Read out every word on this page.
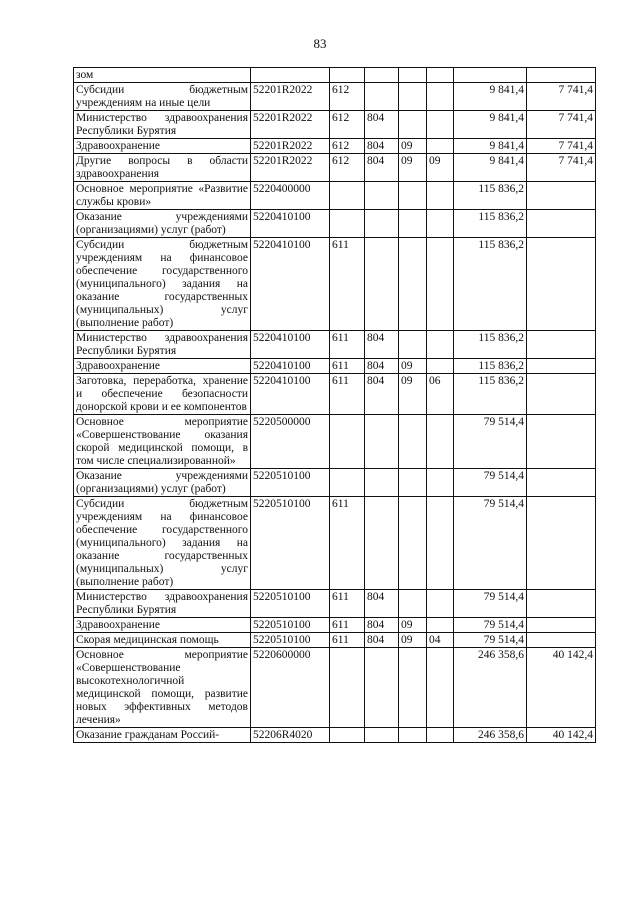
83
зом							
Субсидии бюджетным учреждениям на иные цели	52201R2022	612				9 841,4	7 741,4
Министерство здравоохранения Республики Бурятия	52201R2022	612	804			9 841,4	7 741,4
Здравоохранение	52201R2022	612	804	09		9 841,4	7 741,4
Другие вопросы в области здравоохранения	52201R2022	612	804	09	09	9 841,4	7 741,4
Основное мероприятие «Развитие службы крови»	5220400000					115 836,2	
Оказание учреждениями (организациями) услуг (работ)	5220410100					115 836,2	
Субсидии бюджетным учреждениям на финансовое обеспечение государственного (муниципального) задания на оказание государственных (муниципальных) услуг (выполнение работ)	5220410100	611				115 836,2	
Министерство здравоохранения Республики Бурятия	5220410100	611	804			115 836,2	
Здравоохранение	5220410100	611	804	09		115 836,2	
Заготовка, переработка, хранение и обеспечение безопасности донорской крови и ее компонентов	5220410100	611	804	09	06	115 836,2	
Основное мероприятие «Совершенствование оказания скорой медицинской помощи, в том числе специализированной»	5220500000					79 514,4	
Оказание учреждениями (организациями) услуг (работ)	5220510100					79 514,4	
Субсидии бюджетным учреждениям на финансовое обеспечение государственного (муниципального) задания на оказание государственных (муниципальных) услуг (выполнение работ)	5220510100	611				79 514,4	
Министерство здравоохранения Республики Бурятия	5220510100	611	804			79 514,4	
Здравоохранение	5220510100	611	804	09		79 514,4	
Скорая медицинская помощь	5220510100	611	804	09	04	79 514,4	
Основное мероприятие «Совершенствование высокотехнологичной медицинской помощи, развитие новых эффективных методов лечения»	5220600000					246 358,6	40 142,4
Оказание гражданам Россий-	52206R4020					246 358,6	40 142,4
